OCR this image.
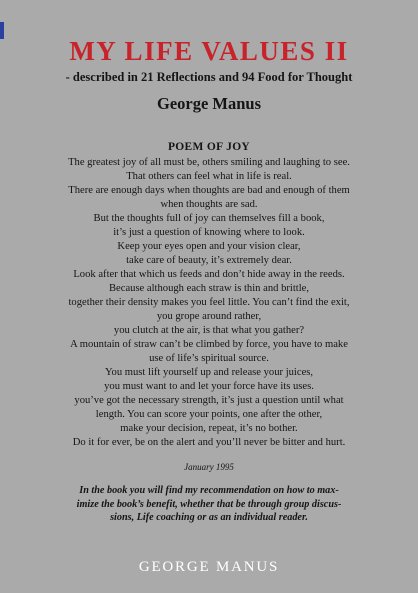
MY LIFE VALUES II
- described in 21 Reflections and 94 Food for Thought
George Manus
POEM OF JOY
The greatest joy of all must be, others smiling and laughing to see.
That others can feel what in life is real.
There are enough days when thoughts are bad and enough of them
when thoughts are sad.
But the thoughts full of joy can themselves fill a book,
it’s just a question of knowing where to look.
Keep your eyes open and your vision clear,
take care of beauty, it’s extremely dear.
Look after that which us feeds and don’t hide away in the reeds.
Because although each straw is thin and brittle,
together their density makes you feel little. You can’t find the exit,
you grope around rather,
you clutch at the air, is that what you gather?
A mountain of straw can’t be climbed by force, you have to make
use of life’s spiritual source.
You must lift yourself up and release your juices,
you must want to and let your force have its uses.
you’ve got the necessary strength, it’s just a question until what
length. You can score your points, one after the other,
make your decision, repeat, it’s no bother.
Do it for ever, be on the alert and you’ll never be bitter and hurt.
January 1995
In the book you will find my recommendation on how to max-
imize the book’s benefit, whether that be through group discus-
sions, Life coaching or as an individual reader.
GEORGE MANUS
